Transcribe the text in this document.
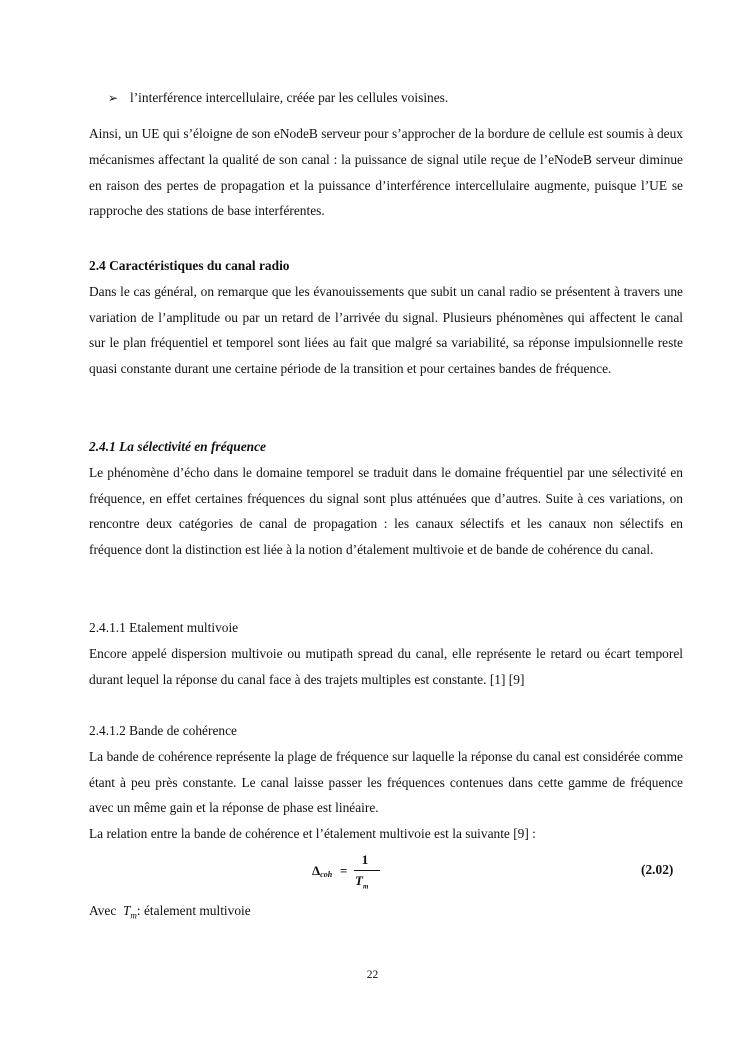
➢ l’interférence intercellulaire, créée par les cellules voisines.

Ainsi, un UE qui s’éloigne de son eNodeB serveur pour s’approcher de la bordure de cellule est soumis à deux mécanismes affectant la qualité de son canal : la puissance de signal utile reçue de l’eNodeB serveur diminue en raison des pertes de propagation et la puissance d’interférence intercellulaire augmente, puisque l’UE se rapproche des stations de base interférentes.

2.4 Caractéristiques du canal radio

Dans le cas général, on remarque que les évanouissements que subit un canal radio se présentent à travers une variation de l’amplitude ou par un retard de l’arrivée du signal. Plusieurs phénomènes qui affectent le canal sur le plan fréquentiel et temporel sont liées au fait que malgré sa variabilité, sa réponse impulsionnelle reste quasi constante durant une certaine période de la transition et pour certaines bandes de fréquence.

2.4.1 La sélectivité en fréquence

Le phénomène d’écho dans le domaine temporel se traduit dans le domaine fréquentiel par une sélectivité en fréquence, en effet certaines fréquences du signal sont plus atténuées que d’autres. Suite à ces variations, on rencontre deux catégories de canal de propagation : les canaux sélectifs et les canaux non sélectifs en fréquence dont la distinction est liée à la notion d’étalement multivoie et de bande de cohérence du canal.

2.4.1.1 Etalement multivoie

Encore appelé dispersion multivoie ou mutipath spread du canal, elle représente le retard ou écart temporel durant lequel la réponse du canal face à des trajets multiples est constante. [1] [9]

2.4.1.2 Bande de cohérence

La bande de cohérence représente la plage de fréquence sur laquelle la réponse du canal est considérée comme étant à peu près constante. Le canal laisse passer les fréquences contenues dans cette gamme de fréquence avec un même gain et la réponse de phase est linéaire.

La relation entre la bande de cohérence et l’étalement multivoie est la suivante [9] :

Δcoh =
1
$T_m$
(2.02)
Avec $T_m$: étalement multivoie
22
